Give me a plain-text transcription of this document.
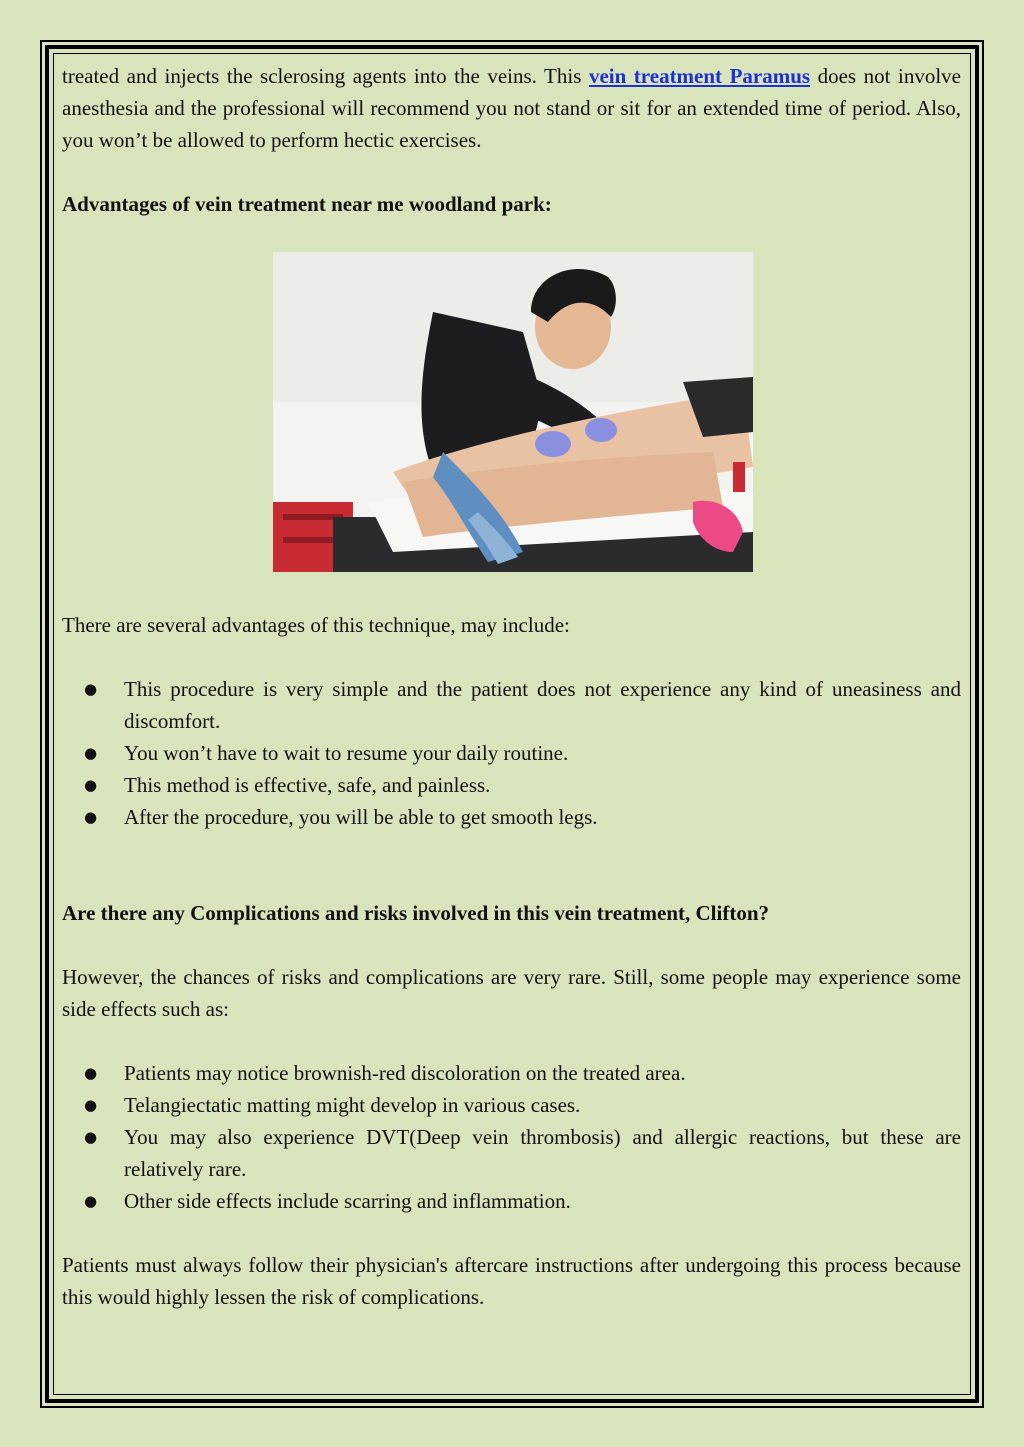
treated and injects the sclerosing agents into the veins. This vein treatment Paramus does not involve anesthesia and the professional will recommend you not stand or sit for an extended time of period. Also, you won’t be allowed to perform hectic exercises.

Advantages of vein treatment near me woodland park:

There are several advantages of this technique, may include:

● This procedure is very simple and the patient does not experience any kind of uneasiness and discomfort.
● You won’t have to wait to resume your daily routine.
● This method is effective, safe, and painless.
● After the procedure, you will be able to get smooth legs.

Are there any Complications and risks involved in this vein treatment, Clifton?

However, the chances of risks and complications are very rare. Still, some people may experience some side effects such as:

● Patients may notice brownish-red discoloration on the treated area.
● Telangiectatic matting might develop in various cases.
● You may also experience DVT(Deep vein thrombosis) and allergic reactions, but these are relatively rare.
● Other side effects include scarring and inflammation.

Patients must always follow their physician's aftercare instructions after undergoing this process because this would highly lessen the risk of complications.
